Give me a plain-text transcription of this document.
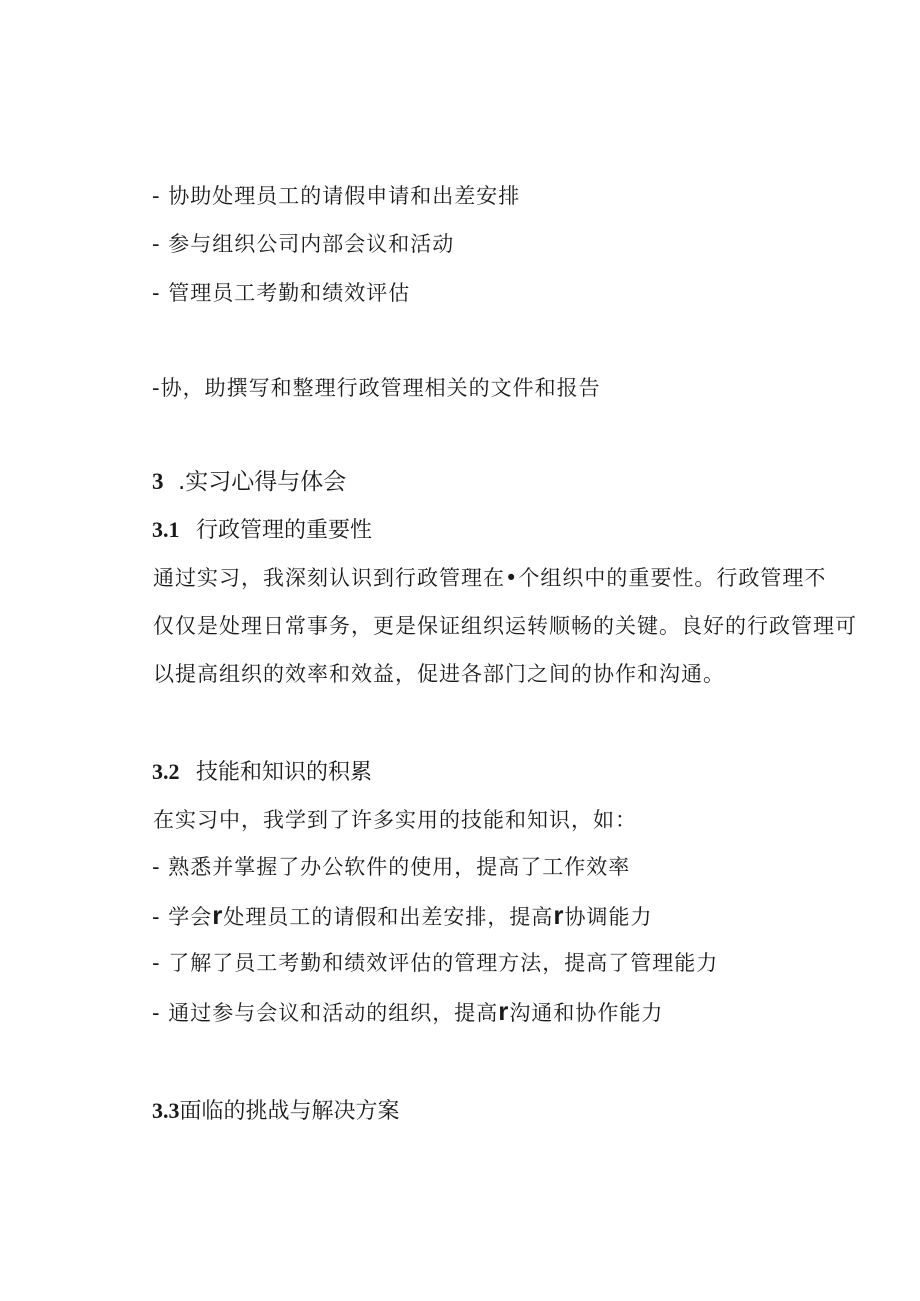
- 协助处理员工的请假申请和出差安排
- 参与组织公司内部会议和活动
- 管理员工考勤和绩效评估
-协，助撰写和整理行政管理相关的文件和报告
3 .实习心得与体会
3.1 行政管理的重要性
通过实习，我深刻认识到行政管理在•个组织中的重要性。行政管理不
仅仅是处理日常事务，更是保证组织运转顺畅的关键。良好的行政管理可
以提高组织的效率和效益，促进各部门之间的协作和沟通。
3.2 技能和知识的积累
在实习中，我学到了许多实用的技能和知识，如：
- 熟悉并掌握了办公软件的使用，提高了工作效率
- 学会r处理员工的请假和出差安排，提高r协调能力
- 了解了员工考勤和绩效评估的管理方法，提高了管理能力
- 通过参与会议和活动的组织，提高r沟通和协作能力
3.3面临的挑战与解决方案
